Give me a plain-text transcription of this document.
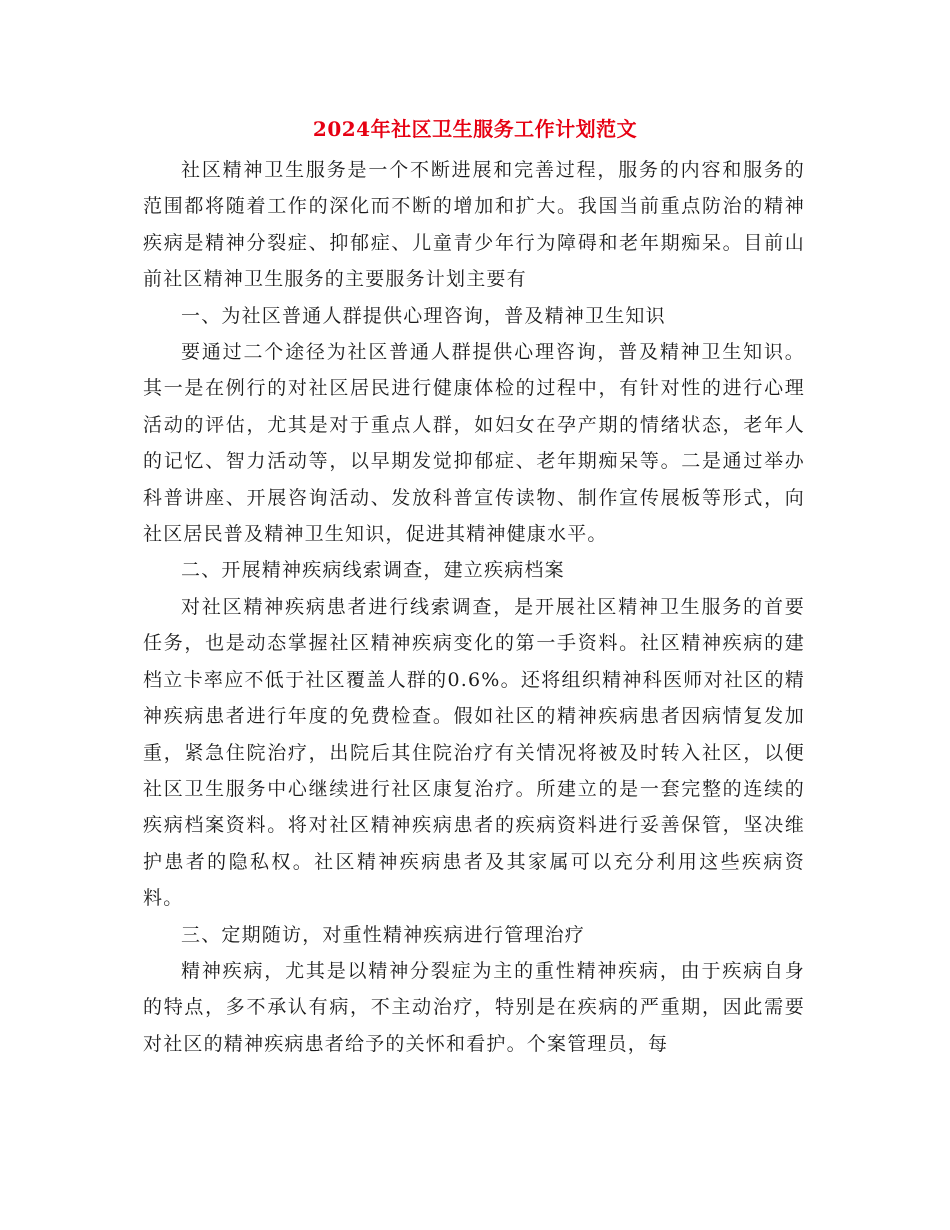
2024年社区卫生服务工作计划范文

社区精神卫生服务是一个不断进展和完善过程，服务的内容和服务的范围都将随着工作的深化而不断的增加和扩大。我国当前重点防治的精神疾病是精神分裂症、抑郁症、儿童青少年行为障碍和老年期痴呆。目前山前社区精神卫生服务的主要服务计划主要有

一、为社区普通人群提供心理咨询，普及精神卫生知识

要通过二个途径为社区普通人群提供心理咨询，普及精神卫生知识。其一是在例行的对社区居民进行健康体检的过程中，有针对性的进行心理活动的评估，尤其是对于重点人群，如妇女在孕产期的情绪状态，老年人的记忆、智力活动等，以早期发觉抑郁症、老年期痴呆等。二是通过举办科普讲座、开展咨询活动、发放科普宣传读物、制作宣传展板等形式，向社区居民普及精神卫生知识，促进其精神健康水平。

二、开展精神疾病线索调查，建立疾病档案

对社区精神疾病患者进行线索调查，是开展社区精神卫生服务的首要任务，也是动态掌握社区精神疾病变化的第一手资料。社区精神疾病的建档立卡率应不低于社区覆盖人群的0.6%。还将组织精神科医师对社区的精神疾病患者进行年度的免费检查。假如社区的精神疾病患者因病情复发加重，紧急住院治疗，出院后其住院治疗有关情况将被及时转入社区，以便社区卫生服务中心继续进行社区康复治疗。所建立的是一套完整的连续的疾病档案资料。将对社区精神疾病患者的疾病资料进行妥善保管，坚决维护患者的隐私权。社区精神疾病患者及其家属可以充分利用这些疾病资料。

三、定期随访，对重性精神疾病进行管理治疗

精神疾病，尤其是以精神分裂症为主的重性精神疾病，由于疾病自身的特点，多不承认有病，不主动治疗，特别是在疾病的严重期，因此需要对社区的精神疾病患者给予的关怀和看护。个案管理员，每
